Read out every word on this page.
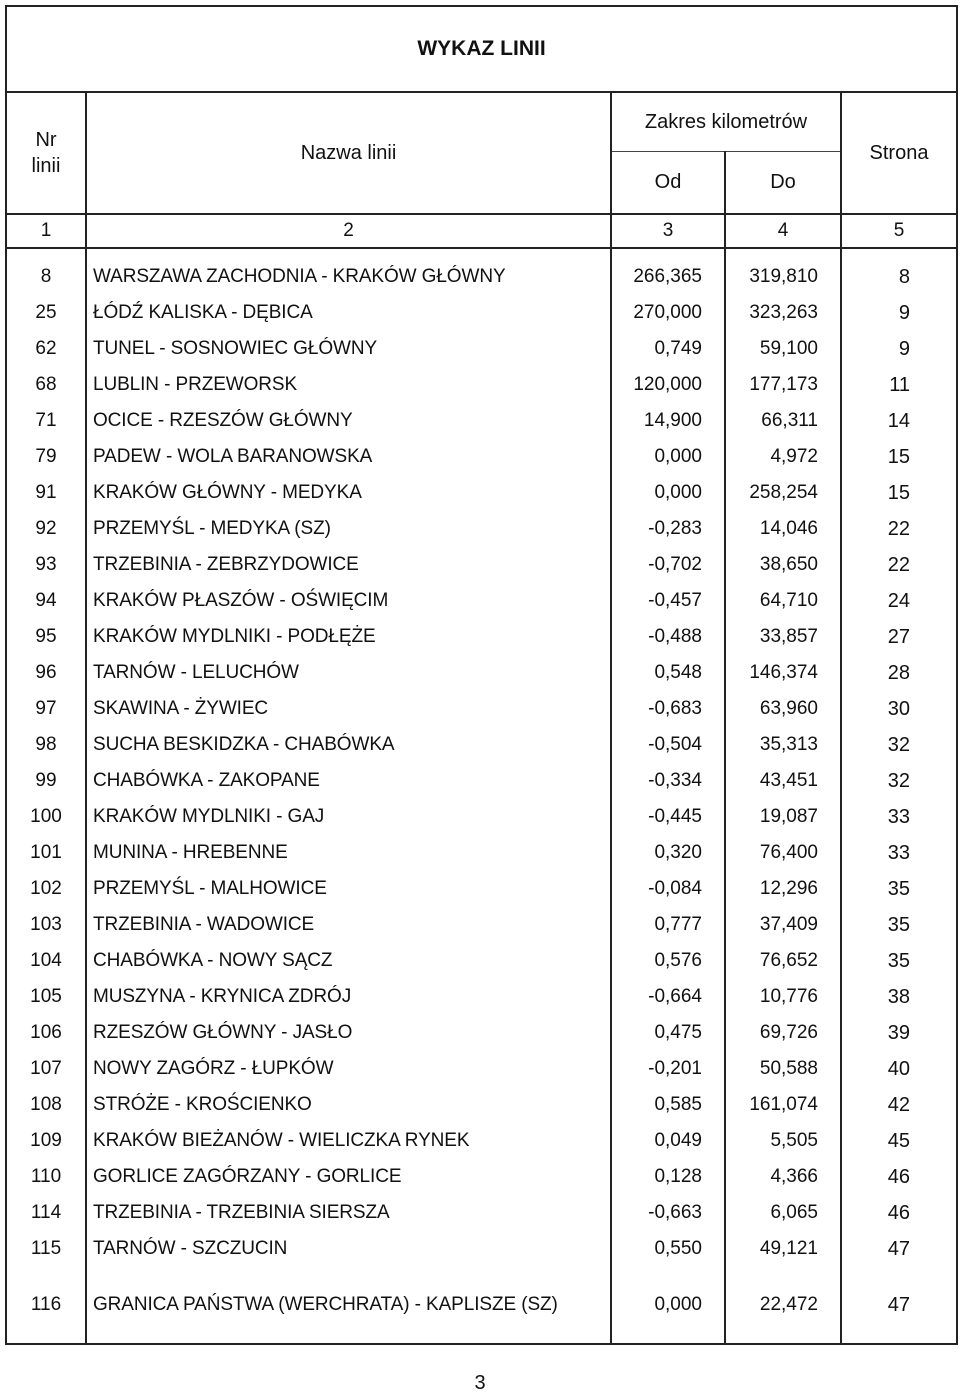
WYKAZ LINII				
Nr
linii	Nazwa linii	Zakres kilometrów		Strona
		Od	Do	
1	2	3	4	5

8	WARSZAWA ZACHODNIA - KRAKÓW GŁÓWNY	266,365	319,810	8
25	ŁÓDŹ KALISKA - DĘBICA	270,000	323,263	9
62	TUNEL - SOSNOWIEC GŁÓWNY	0,749	59,100	9
68	LUBLIN - PRZEWORSK	120,000	177,173	11
71	OCICE - RZESZÓW GŁÓWNY	14,900	66,311	14
79	PADEW - WOLA BARANOWSKA	0,000	4,972	15
91	KRAKÓW GŁÓWNY - MEDYKA	0,000	258,254	15
92	PRZEMYŚL - MEDYKA (SZ)	-0,283	14,046	22
93	TRZEBINIA - ZEBRZYDOWICE	-0,702	38,650	22
94	KRAKÓW PŁASZÓW - OŚWIĘCIM	-0,457	64,710	24
95	KRAKÓW MYDLNIKI - PODŁĘŻE	-0,488	33,857	27
96	TARNÓW - LELUCHÓW	0,548	146,374	28
97	SKAWINA - ŻYWIEC	-0,683	63,960	30
98	SUCHA BESKIDZKA - CHABÓWKA	-0,504	35,313	32
99	CHABÓWKA - ZAKOPANE	-0,334	43,451	32
100	KRAKÓW MYDLNIKI - GAJ	-0,445	19,087	33
101	MUNINA - HREBENNE	0,320	76,400	33
102	PRZEMYŚL - MALHOWICE	-0,084	12,296	35
103	TRZEBINIA - WADOWICE	0,777	37,409	35
104	CHABÓWKA - NOWY SĄCZ	0,576	76,652	35
105	MUSZYNA - KRYNICA ZDRÓJ	-0,664	10,776	38
106	RZESZÓW GŁÓWNY - JASŁO	0,475	69,726	39
107	NOWY ZAGÓRZ - ŁUPKÓW	-0,201	50,588	40
108	STRÓŻE - KROŚCIENKO	0,585	161,074	42
109	KRAKÓW BIEŻANÓW - WIELICZKA RYNEK	0,049	5,505	45
110	GORLICE ZAGÓRZANY - GORLICE	0,128	4,366	46
114	TRZEBINIA - TRZEBINIA SIERSZA	-0,663	6,065	46
115	TARNÓW - SZCZUCIN	0,550	49,121	47
116	GRANICA PAŃSTWA (WERCHRATA) - KAPLISZE (SZ)	0,000	22,472	47
3
